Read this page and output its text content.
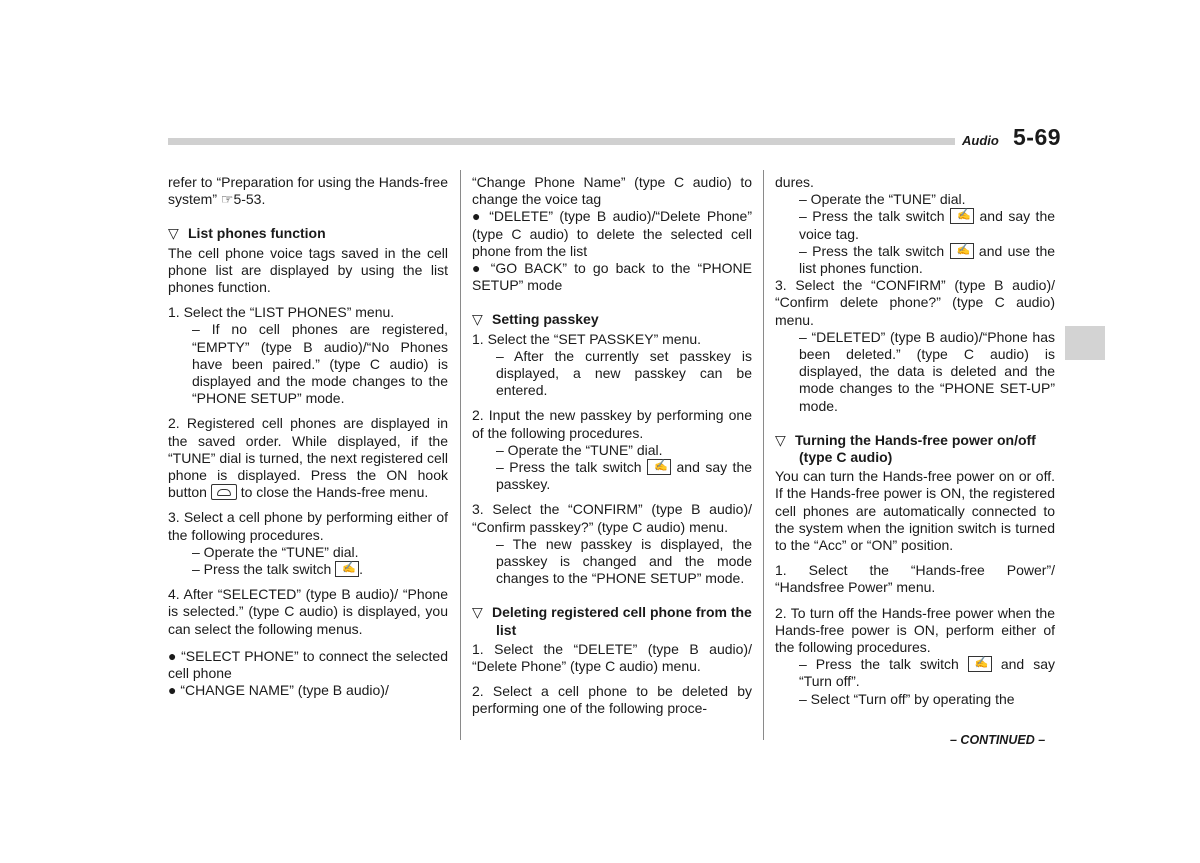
Audio 5-69

refer to “Preparation for using the Hands-free system” ☞5-53.

▽ List phones function

The cell phone voice tags saved in the cell phone list are displayed by using the list phones function.

1. Select the “LIST PHONES” menu.

– If no cell phones are registered, “EMPTY” (type B audio)/“No Phones have been paired.” (type C audio) is displayed and the mode changes to the “PHONE SETUP” mode.

2. Registered cell phones are displayed in the saved order. While displayed, if the “TUNE” dial is turned, the next registered cell phone is displayed. Press the ON hook button to close the Hands-free menu.

3. Select a cell phone by performing either of the following procedures.

– Operate the “TUNE” dial.

– Press the talk switch ✍ .

4. After “SELECTED” (type B audio)/ “Phone is selected.” (type C audio) is displayed, you can select the following menus.

● “SELECT PHONE” to connect the selected cell phone

● “CHANGE NAME” (type B audio)/

“Change Phone Name” (type C audio) to change the voice tag

● “DELETE” (type B audio)/“Delete Phone” (type C audio) to delete the selected cell phone from the list

● “GO BACK” to go back to the “PHONE SETUP” mode

▽ Setting passkey

1. Select the “SET PASSKEY” menu.

– After the currently set passkey is displayed, a new passkey can be entered.

2. Input the new passkey by performing one of the following procedures.

– Operate the “TUNE” dial.

– Press the talk switch ✍ and say the passkey.

3. Select the “CONFIRM” (type B audio)/ “Confirm passkey?” (type C audio) menu.

– The new passkey is displayed, the passkey is changed and the mode changes to the “PHONE SETUP” mode.

▽ Deleting registered cell phone from the list

1. Select the “DELETE” (type B audio)/ “Delete Phone” (type C audio) menu.

2. Select a cell phone to be deleted by performing one of the following proce-

dures.

– Operate the “TUNE” dial.

– Press the talk switch ✍ and say the voice tag.

– Press the talk switch ✍ and use the list phones function.

3. Select the “CONFIRM” (type B audio)/ “Confirm delete phone?” (type C audio) menu.

– “DELETED” (type B audio)/“Phone has been deleted.” (type C audio) is displayed, the data is deleted and the mode changes to the “PHONE SET-UP” mode.

▽ Turning the Hands-free power on/off (type C audio)

You can turn the Hands-free power on or off. If the Hands-free power is ON, the registered cell phones are automatically connected to the system when the ignition switch is turned to the “Acc” or “ON” position.

1. Select the “Hands-free Power”/ “Handsfree Power” menu.

2. To turn off the Hands-free power when the Hands-free power is ON, perform either of the following procedures.

– Press the talk switch ✍	and say “Turn off”.

– Select “Turn off” by operating the

– CONTINUED –
